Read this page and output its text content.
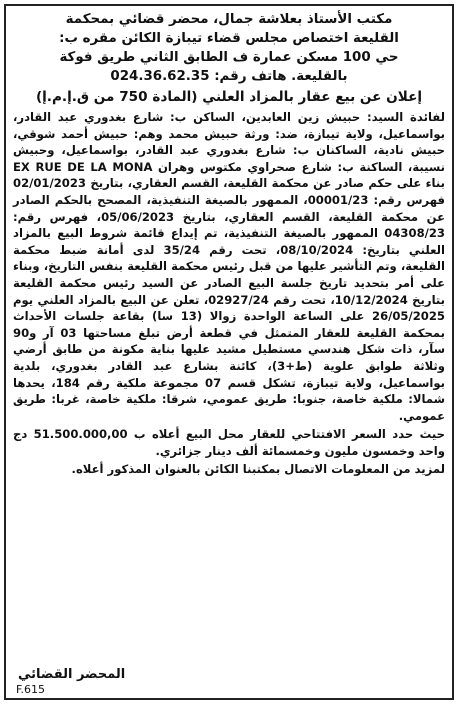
مكتب الأستاذ بعلاشة جمال، محضر قضائي بمحكمة
القليعة اختصاص مجلس قضاء تيبازة الكائن مقره ب:
حي 100 مسكن عمارة ف الطابق الثاني طريق فوكة
بالقليعة. هاتف رقم: 024.36.62.35
إعلان عن بيع عقار بالمزاد العلني (المادة 750 من ق.إ.م.إ)

لفائدة السيد: حبيش زين العابدين، الساكن ب: شارع بغدوري عبد القادر، بواسماعيل، ولاية تيبازة، ضد: ورثة حبيش محمد وهم: حبيش أحمد شوقي، حبيش نادية، الساكنان ب: شارع بغدوري عبد القادر، بواسماعيل، وحبيش نسيبة، الساكنة ب: شارع صحراوي مكتوس وهران EX RUE DE LA MONA بناء على حكم صادر عن محكمة القليعة، القسم العقاري، بتاريخ 02/01/2023 فهرس رقم: 00001/23، الممهور بالصيغة التنفيذية، المصحح بالحكم الصادر عن محكمة القليعة، القسم العقاري، بتاريخ 05/06/2023، فهرس رقم: 04308/23 الممهور بالصيغة التنفيذية، تم إيداع قائمة شروط البيع بالمزاد العلني بتاريخ: 08/10/2024، تحت رقم 35/24 لدى أمانة ضبط محكمة القليعة، وتم التأشير عليها من قبل رئيس محكمة القليعة بنفس التاريخ، وبناء على أمر بتحديد تاريخ جلسة البيع الصادر عن السيد رئيس محكمة القليعة بتاريخ 10/12/2024، تحت رقم 02927/24، تعلن عن البيع بالمزاد العلني يوم 26/05/2025 على الساعة الواحدة زوالا (13 سا) بقاعة جلسات الأحداث بمحكمة القليعة للعقار المتمثل في قطعة أرض تبلغ مساحتها 03 آر و90 سآر، ذات شكل هندسي مستطيل مشيد عليها بناية مكونة من طابق أرضي وثلاثة طوابق علوية (ط+3)، كائنة بشارع عبد القادر بغدوري، بلدية بواسماعيل، ولاية تيبازة، تشكل قسم 07 مجموعة ملكية رقم 184، يحدها شمالا: ملكية خاصة، جنوبا: طريق عمومي، شرقا: ملكية خاصة، غربا: طريق عمومي.

حيث حدد السعر الافتتاحي للعقار محل البيع أعلاه ب 51.500.000,00 دج واحد وخمسون مليون وخمسمائة ألف دينار جزائري.

لمزيد من المعلومات الاتصال بمكتبنا الكائن بالعنوان المذكور أعلاه.

المحضر القضائي
F.615
